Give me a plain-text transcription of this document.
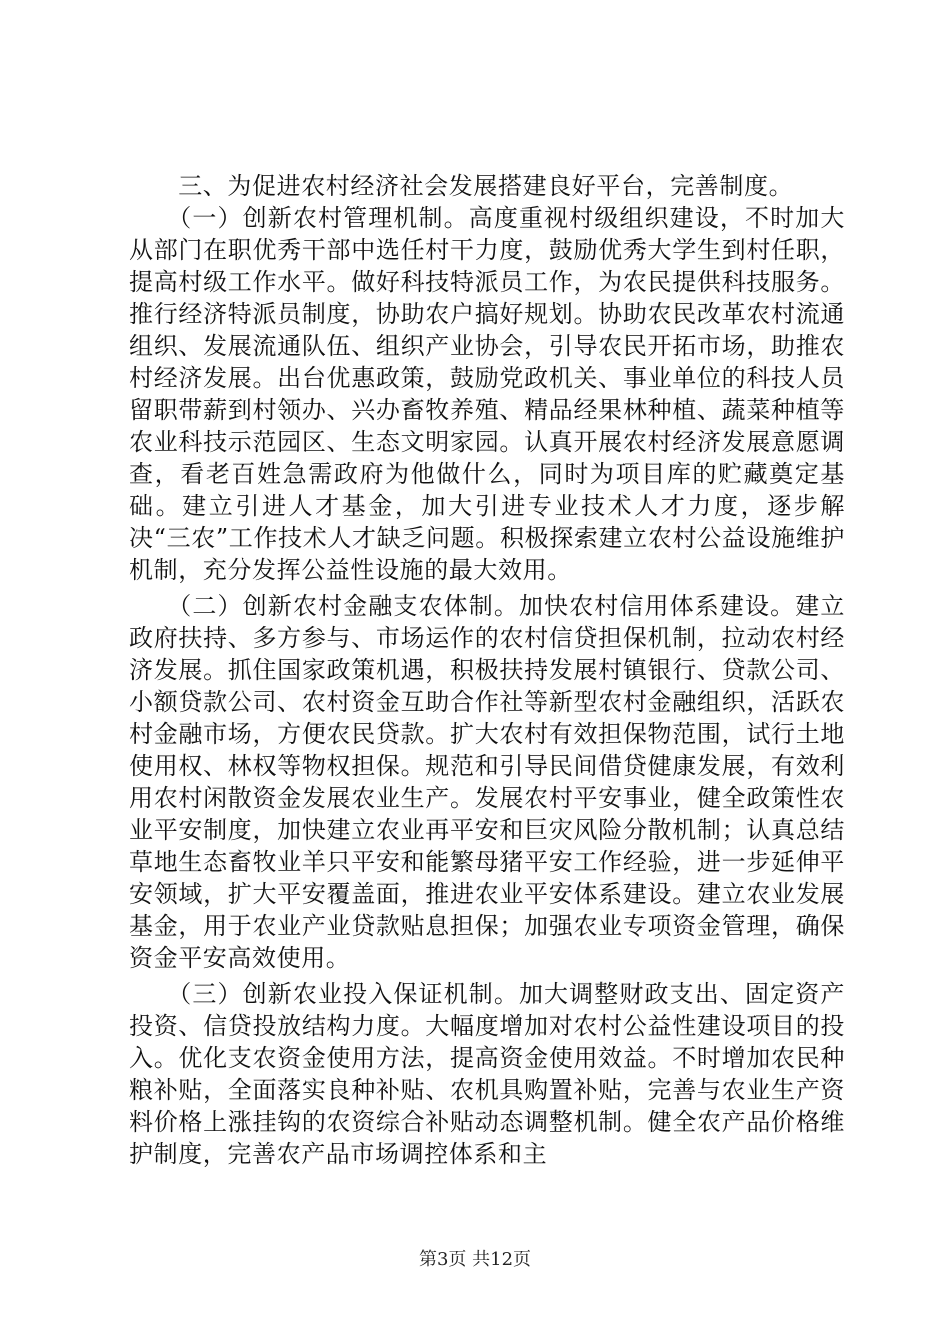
　　三、为促进农村经济社会发展搭建良好平台，完善制度。

　　（一）创新农村管理机制。高度重视村级组织建设，不时加大从部门在职优秀干部中选任村干力度，鼓励优秀大学生到村任职，提高村级工作水平。做好科技特派员工作，为农民提供科技服务。推行经济特派员制度，协助农户搞好规划。协助农民改革农村流通组织、发展流通队伍、组织产业协会，引导农民开拓市场，助推农村经济发展。出台优惠政策，鼓励党政机关、事业单位的科技人员留职带薪到村领办、兴办畜牧养殖、精品经果林种植、蔬菜种植等农业科技示范园区、生态文明家园。认真开展农村经济发展意愿调查，看老百姓急需政府为他做什么，同时为项目库的贮藏奠定基础。建立引进人才基金，加大引进专业技术人才力度，逐步解决“三农”工作技术人才缺乏问题。积极探索建立农村公益设施维护机制，充分发挥公益性设施的最大效用。

　　（二）创新农村金融支农体制。加快农村信用体系建设。建立政府扶持、多方参与、市场运作的农村信贷担保机制，拉动农村经济发展。抓住国家政策机遇，积极扶持发展村镇银行、贷款公司、小额贷款公司、农村资金互助合作社等新型农村金融组织，活跃农村金融市场，方便农民贷款。扩大农村有效担保物范围，试行土地使用权、林权等物权担保。规范和引导民间借贷健康发展，有效利用农村闲散资金发展农业生产。发展农村平安事业，健全政策性农业平安制度，加快建立农业再平安和巨灾风险分散机制；认真总结草地生态畜牧业羊只平安和能繁母猪平安工作经验，进一步延伸平安领域，扩大平安覆盖面，推进农业平安体系建设。建立农业发展基金，用于农业产业贷款贴息担保；加强农业专项资金管理，确保资金平安高效使用。

　　（三）创新农业投入保证机制。加大调整财政支出、固定资产投资、信贷投放结构力度。大幅度增加对农村公益性建设项目的投入。优化支农资金使用方法，提高资金使用效益。不时增加农民种粮补贴，全面落实良种补贴、农机具购置补贴，完善与农业生产资料价格上涨挂钩的农资综合补贴动态调整机制。健全农产品价格维护制度，完善农产品市场调控体系和主

第3页 共12页
